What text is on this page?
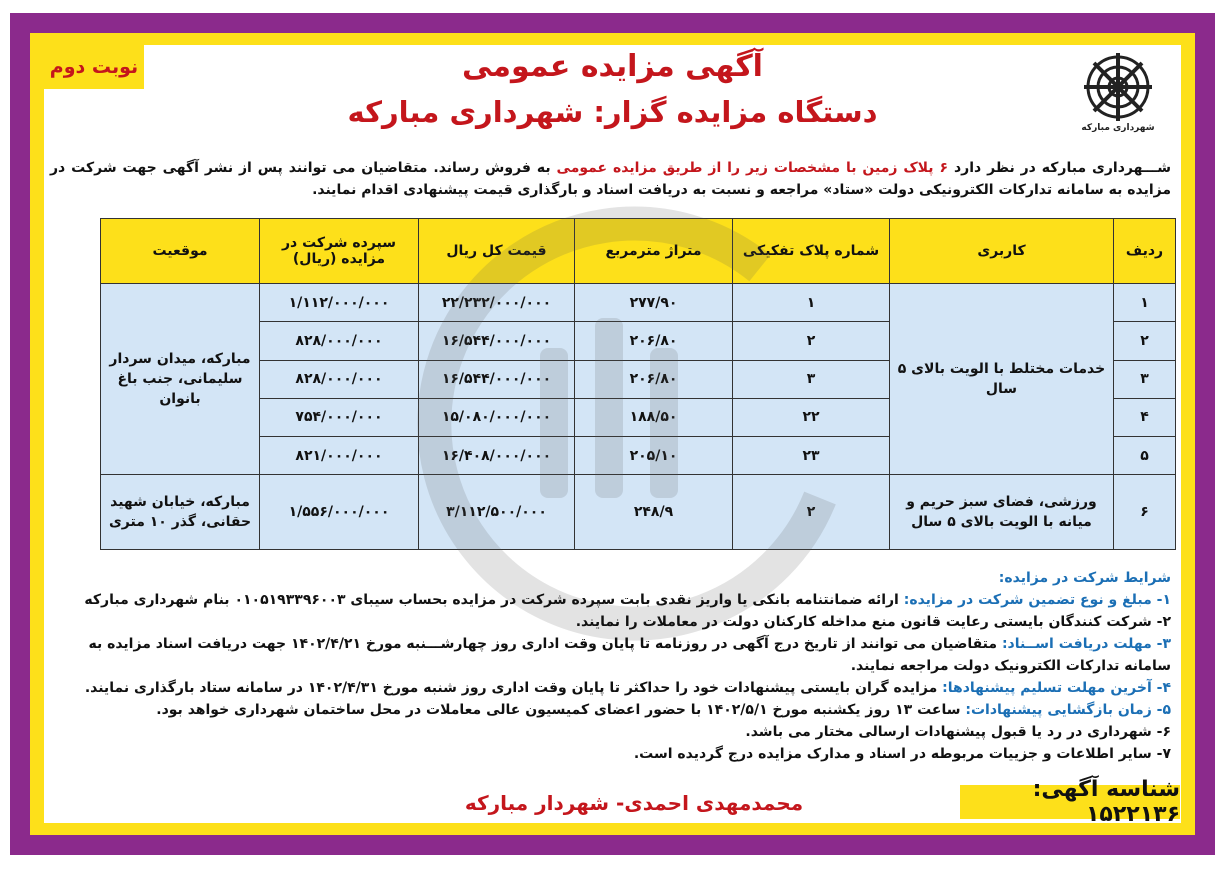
نوبت دوم
شهرداری مبارکه
آگهی مزایده عمومی
دستگاه مزایده گزار: شهرداری مبارکه
شـــهرداری مبارکه در نظر دارد ۶ پلاک زمین با مشخصات زیر را از طریق مزایده عمومی به فروش رساند. متقاضیان می توانند پس از نشر آگهی جهت شرکت در مزایده به سامانه تدارکات الکترونیکی دولت «ستاد» مراجعه و نسبت به دریافت اسناد و بارگذاری قیمت پیشنهادی اقدام نمایند.
ردیف	کاربری	شماره پلاک تفکیکی	متراژ مترمربع	قیمت کل ریال	سپرده شرکت در مزایده (ریال)	موقعیت
۱	خدمات مختلط با الویت بالای ۵ سال	۱	۲۷۷/۹۰	۲۲/۲۳۲/۰۰۰/۰۰۰	۱/۱۱۲/۰۰۰/۰۰۰	مبارکه، میدان سردار سلیمانی، جنب باغ بانوان
۲		۲	۲۰۶/۸۰	۱۶/۵۴۴/۰۰۰/۰۰۰	۸۲۸/۰۰۰/۰۰۰	
۳		۳	۲۰۶/۸۰	۱۶/۵۴۴/۰۰۰/۰۰۰	۸۲۸/۰۰۰/۰۰۰	
۴		۲۲	۱۸۸/۵۰	۱۵/۰۸۰/۰۰۰/۰۰۰	۷۵۴/۰۰۰/۰۰۰	
۵		۲۳	۲۰۵/۱۰	۱۶/۴۰۸/۰۰۰/۰۰۰	۸۲۱/۰۰۰/۰۰۰	
۶	ورزشی، فضای سبز حریم و میانه با الویت بالای ۵ سال	۲	۲۴۸/۹	۳/۱۱۲/۵۰۰/۰۰۰	۱/۵۵۶/۰۰۰/۰۰۰	مبارکه، خیابان شهید حقانی، گذر ۱۰ متری
شرایط شرکت در مزایده:
۱- مبلغ و نوع تضمین شرکت در مزایده: ارائه ضمانتنامه بانکی یا واریز نقدی بابت سپرده شرکت در مزایده بحساب سیبای ۰۱۰۵۱۹۳۳۹۶۰۰۳ بنام شهرداری مبارکه
۲- شرکت کنندگان بایستی رعایت قانون منع مداخله کارکنان دولت در معاملات را نمایند.
۳- مهلت دریافت اســناد: متقاضیان می توانند از تاریخ درج آگهی در روزنامه تا پایان وقت اداری روز چهارشـــنبه مورخ ۱۴۰۲/۴/۲۱ جهت دریافت اسناد مزایده به سامانه تدارکات الکترونیک دولت مراجعه نمایند.
۴- آخرین مهلت تسلیم پیشنهادها: مزایده گران بایستی پیشنهادات خود را حداکثر تا پایان وقت اداری روز شنبه مورخ ۱۴۰۲/۴/۳۱ در سامانه ستاد بارگذاری نمایند.
۵- زمان بازگشایی پیشنهادات: ساعت ۱۳ روز یکشنبه مورخ ۱۴۰۲/۵/۱ با حضور اعضای کمیسیون عالی معاملات در محل ساختمان شهرداری خواهد بود.
۶- شهرداری در رد یا قبول پیشنهادات ارسالی مختار می باشد.
۷- سایر اطلاعات و جزییات مربوطه در اسناد و مدارک مزایده درج گردیده است.
شناسه آگهی: ۱۵۲۲۱۳۶
محمدمهدی احمدی- شهردار مبارکه
